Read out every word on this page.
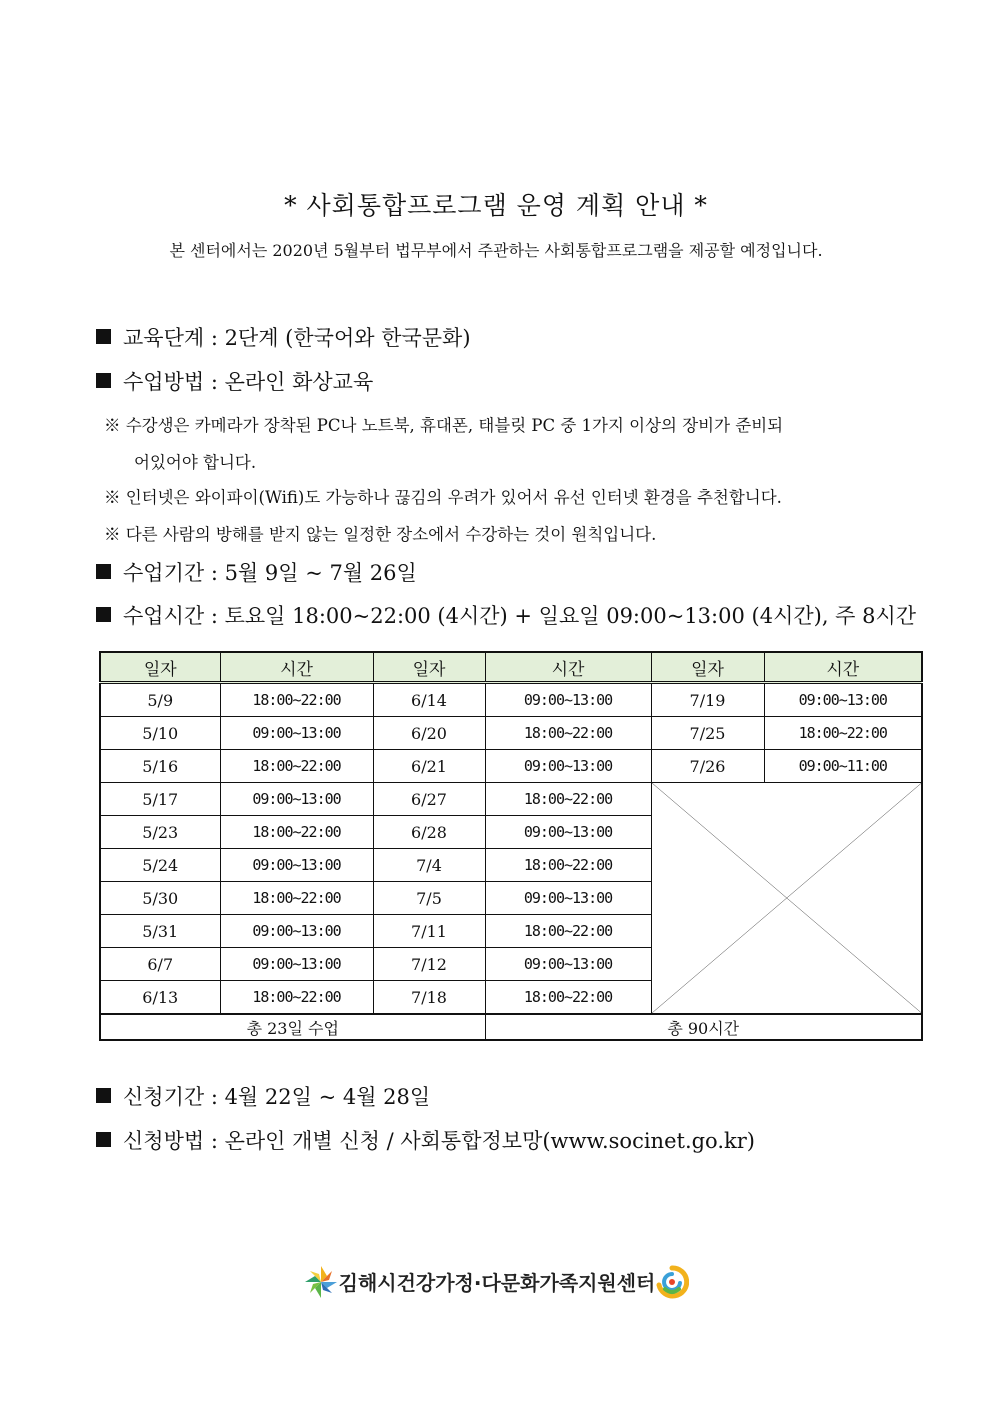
* 사회통합프로그램 운영 계획 안내 *
본 센터에서는 2020년 5월부터 법무부에서 주관하는 사회통합프로그램을 제공할 예정입니다.
교육단계 : 2단계 (한국어와 한국문화)
수업방법 : 온라인 화상교육
※ 수강생은 카메라가 장착된 PC나 노트북, 휴대폰, 태블릿 PC 중 1가지 이상의 장비가 준비되
어있어야 합니다.
※ 인터넷은 와이파이(Wifi)도 가능하나 끊김의 우려가 있어서 유선 인터넷 환경을 추천합니다.
※ 다른 사람의 방해를 받지 않는 일정한 장소에서 수강하는 것이 원칙입니다.
수업기간 : 5월 9일 ~ 7월 26일
수업시간 : 토요일 18:00~22:00 (4시간) + 일요일 09:00~13:00 (4시간), 주 8시간
일자	시간	일자	시간	일자	시간
5/9	18:00~22:00	6/14	09:00~13:00	7/19	09:00~13:00
5/10	09:00~13:00	6/20	18:00~22:00	7/25	18:00~22:00
5/16	18:00~22:00	6/21	09:00~13:00	7/26	09:00~11:00
5/17	09:00~13:00	6/27	18:00~22:00	

5/23	18:00~22:00	6/28	09:00~13:00		
5/24	09:00~13:00	7/4	18:00~22:00		
5/30	18:00~22:00	7/5	09:00~13:00		
5/31	09:00~13:00	7/11	18:00~22:00		
6/7	09:00~13:00	7/12	09:00~13:00		
6/13	18:00~22:00	7/18	18:00~22:00		
총 23일 수업			총 90시간		
신청기간 : 4월 22일 ~ 4월 28일
신청방법 : 온라인 개별 신청 / 사회통합정보망(www.socinet.go.kr)
김해시건강가정·다문화가족지원센터
